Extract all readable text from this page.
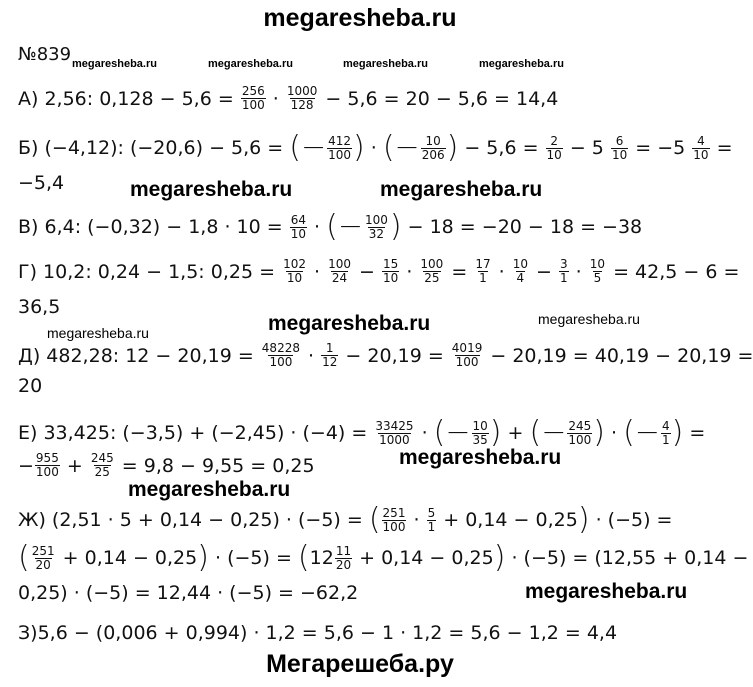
megaresheba.ru
№839 megaresheba.ru	megaresheba.ru	megaresheba.ru	megaresheba.ru
А) 2,56: $0,128 - 5,6 = \frac{256}{100} \cdot \frac{1000}{128} - 5,6 = 20 - 5,6 = 14,4$
Б) (−4,12): (−20,6) − 5,6 = (− $\frac{412}{100}$ ) · (− $\frac{10}{206}$ ) − $5,6 = \frac{2}{10} - 5 \frac{6}{10} = -5 \frac{4}{10}$ =
−5,4	megaresheba.ru	megaresheba.ru
В) 6,4: $(-0,32) - 1,8 \cdot 10 = \frac{64}{10}$ · (− $\frac{100}{32}$ ) − 18 = −20 − 18 = −38
Г) 10,2: 0,24 − 1,5: $0,25 = \frac{102}{10} \cdot \frac{100}{24} - \frac{15}{10} \cdot \frac{100}{25} = \frac{17}{1} \cdot \frac{10}{4} - \frac{3}{1} \cdot \frac{10}{5} = 42,5 - 6$ =
36,5
megaresheba.ru	megaresheba.ru	megaresheba.ru
Д) 482,28: $12 - 20,19 = \frac{48228}{100} \cdot \frac{1}{12} - 20,19 = \frac{4019}{100} - 20,19 = 40,19 - 20,19$ =
20
Е) 33,425: $(-3,5) + (-2,45) \cdot (-4) = \frac{33425}{1000}$ · (− $\frac{10}{35}$ ) + (− $\frac{245}{100}$ ) · (− $\frac{4}{1}$ ) =
− $\frac{955}{100} + \frac{245}{25} = 9,8 - 9,55 = 0,25$	megaresheba.ru
megaresheba.ru
Ж) (2,51 · 5 + 0,14 − 0,25) · (−5) = ( $\frac{251}{100} \cdot \frac{5}{1} + 0,14 - 0,25$ ) · (−5) =
( $\frac{251}{20} + 0,14 - 0,25$ ) · (−5) = ( $12 \frac{11}{20} + 0,14 - 0,25$ ) · (−5) = (12,55 + 0,14 −
0,25) · (−5) = 12,44 · (−5) = −62,2	megaresheba.ru
З)5,6 − (0,006 + 0,994) · 1,2 = 5,6 − 1 · 1,2 = 5,6 − 1,2 = 4,4
Мегарешеба.ру
